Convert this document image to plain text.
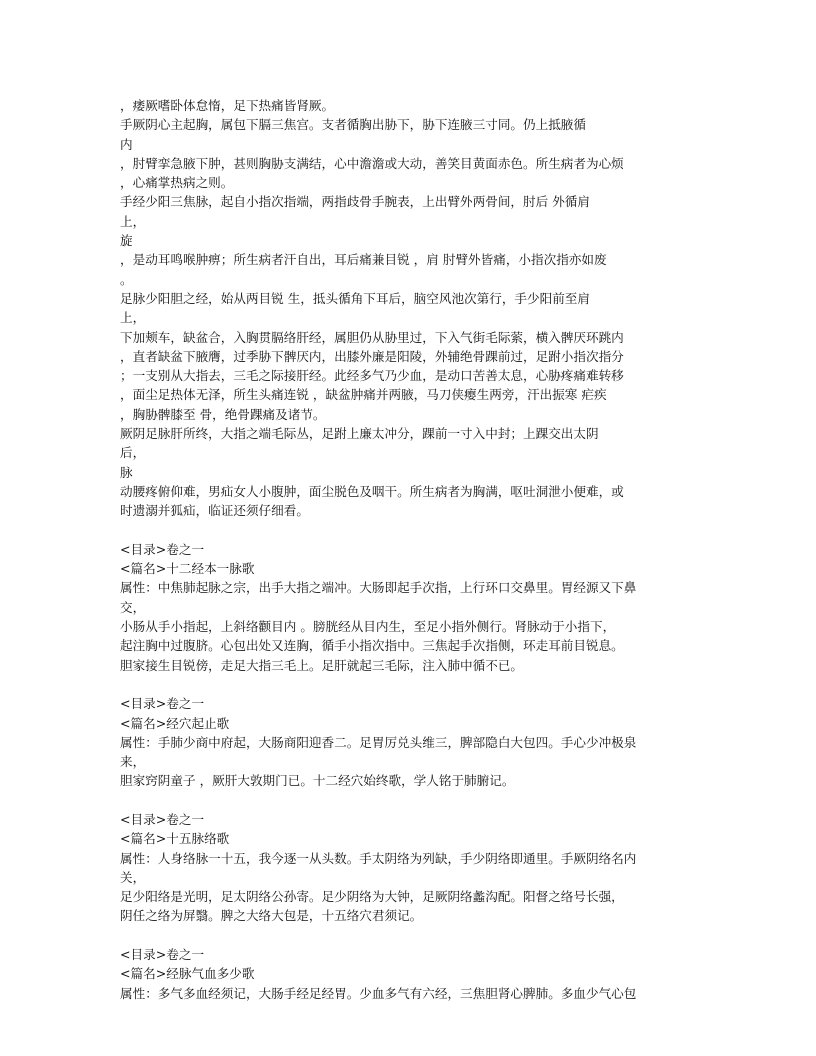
，痿厥嗜卧体怠惰，足下热痛皆肾厥。
手厥阴心主起胸，属包下膈三焦宫。支者循胸出胁下，胁下连腋三寸同。仍上抵腋循
内
，肘臂挛急腋下肿，甚则胸胁支满结，心中澹澹或大动，善笑目黄面赤色。所生病者为心烦
，心痛掌热病之则。
手经少阳三焦脉，起自小指次指端，两指歧骨手腕表，上出臂外两骨间，肘后 外循肩
上，
旋
，是动耳鸣喉肿痹；所生病者汗自出，耳后痛兼目锐 ，肩 肘臂外皆痛，小指次指亦如废
。
足脉少阳胆之经，始从两目锐 生，抵头循角下耳后，脑空风池次第行，手少阳前至肩
上，
下加颊车，缺盆合，入胸贯膈络肝经，属胆仍从胁里过，下入气街毛际萦，横入髀厌环跳内
，直者缺盆下腋膺，过季胁下髀厌内，出膝外廉是阳陵，外辅绝骨踝前过，足跗小指次指分
；一支别从大指去，三毛之际接肝经。此经多气乃少血，是动口苦善太息，心胁疼痛难转移
，面尘足热体无泽，所生头痛连锐 ，缺盆肿痛并两腋，马刀侠瘿生两旁，汗出振寒 疟疾
，胸胁髀膝至 骨，绝骨踝痛及诸节。
厥阴足脉肝所终，大指之端毛际丛，足跗上廉太冲分，踝前一寸入中封；上踝交出太阴
后，
脉
动腰疼俯仰难，男疝女人小腹肿，面尘脱色及咽干。所生病者为胸满，呕吐洞泄小便难，或
时遗溺并狐疝，临证还须仔细看。
<目录>卷之一
<篇名>十二经本一脉歌
属性：中焦肺起脉之宗，出手大指之端冲。大肠即起手次指，上行环口交鼻里。胃经源又下鼻
交，
小肠从手小指起，上斜络颧目内 。膀胱经从目内生，至足小指外侧行。肾脉动于小指下，
起注胸中过腹脐。心包出处又连胸，循手小指次指中。三焦起手次指侧，环走耳前目锐息。
胆家接生目锐傍，走足大指三毛上。足肝就起三毛际，注入肺中循不已。
<目录>卷之一
<篇名>经穴起止歌
属性：手肺少商中府起，大肠商阳迎香二。足胃厉兑头维三，脾部隐白大包四。手心少冲极泉
来，
胆家窍阴童子 ，厥肝大敦期门已。十二经穴始终歌，学人铭于肺腑记。
<目录>卷之一
<篇名>十五脉络歌
属性：人身络脉一十五，我今逐一从头数。手太阴络为列缺，手少阴络即通里。手厥阴络名内
关，
足少阳络是光明，足太阴络公孙寄。足少阴络为大钟，足厥阴络蠡沟配。阳督之络号长强，
阴任之络为屏翳。脾之大络大包是，十五络穴君须记。
<目录>卷之一
<篇名>经脉气血多少歌
属性：多气多血经须记，大肠手经足经胃。少血多气有六经，三焦胆肾心脾肺。多血少气心包
